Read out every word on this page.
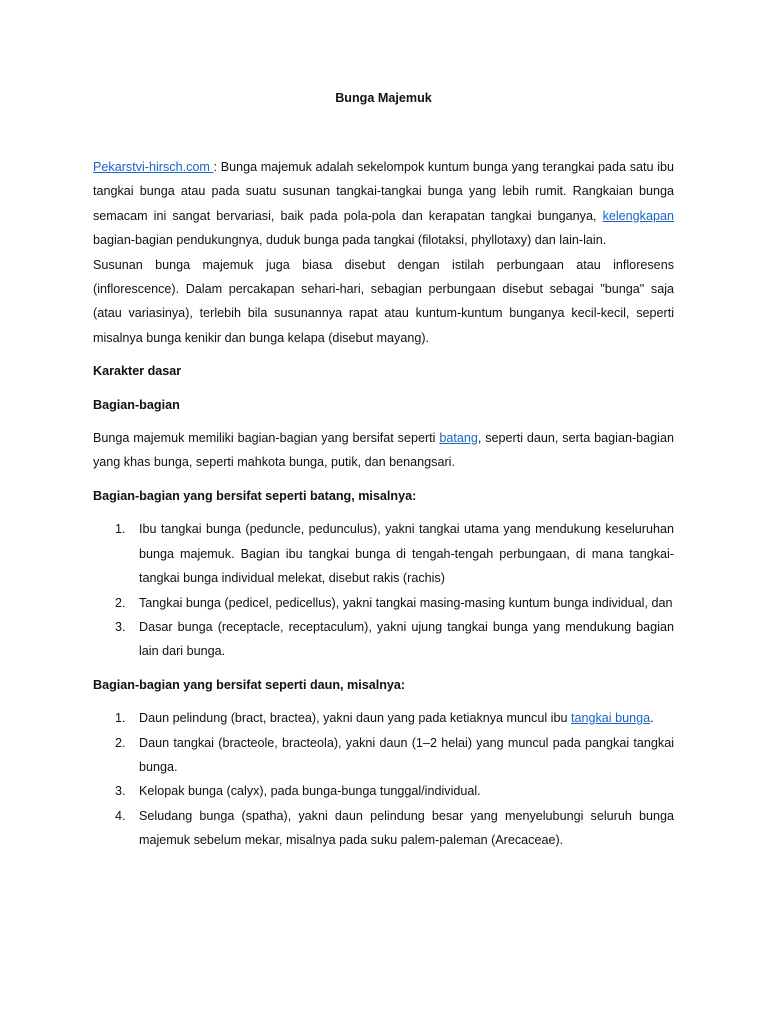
Bunga Majemuk

Pekarstvi-hirsch.com : Bunga majemuk adalah sekelompok kuntum bunga yang terangkai pada satu ibu tangkai bunga atau pada suatu susunan tangkai-tangkai bunga yang lebih rumit. Rangkaian bunga semacam ini sangat bervariasi, baik pada pola-pola dan kerapatan tangkai bunganya, kelengkapan bagian-bagian pendukungnya, duduk bunga pada tangkai (filotaksi, phyllotaxy) dan lain-lain.

Susunan bunga majemuk juga biasa disebut dengan istilah perbungaan atau infloresens (inflorescence). Dalam percakapan sehari-hari, sebagian perbungaan disebut sebagai "bunga" saja (atau variasinya), terlebih bila susunannya rapat atau kuntum-kuntum bunganya kecil-kecil, seperti misalnya bunga kenikir dan bunga kelapa (disebut mayang).

Karakter dasar

Bagian-bagian

Bunga majemuk memiliki bagian-bagian yang bersifat seperti batang, seperti daun, serta bagian-bagian yang khas bunga, seperti mahkota bunga, putik, dan benangsari.

Bagian-bagian yang bersifat seperti batang, misalnya:

1. Ibu tangkai bunga (peduncle, pedunculus), yakni tangkai utama yang mendukung keseluruhan bunga majemuk. Bagian ibu tangkai bunga di tengah-tengah perbungaan, di mana tangkai-tangkai bunga individual melekat, disebut rakis (rachis)
2. Tangkai bunga (pedicel, pedicellus), yakni tangkai masing-masing kuntum bunga individual, dan
3. Dasar bunga (receptacle, receptaculum), yakni ujung tangkai bunga yang mendukung bagian lain dari bunga.

Bagian-bagian yang bersifat seperti daun, misalnya:

1. Daun pelindung (bract, bractea), yakni daun yang pada ketiaknya muncul ibu tangkai bunga.
2. Daun tangkai (bracteole, bracteola), yakni daun (1–2 helai) yang muncul pada pangkai tangkai bunga.
3. Kelopak bunga (calyx), pada bunga-bunga tunggal/individual.
4. Seludang bunga (spatha), yakni daun pelindung besar yang menyelubungi seluruh bunga majemuk sebelum mekar, misalnya pada suku palem-paleman (Arecaceae).
